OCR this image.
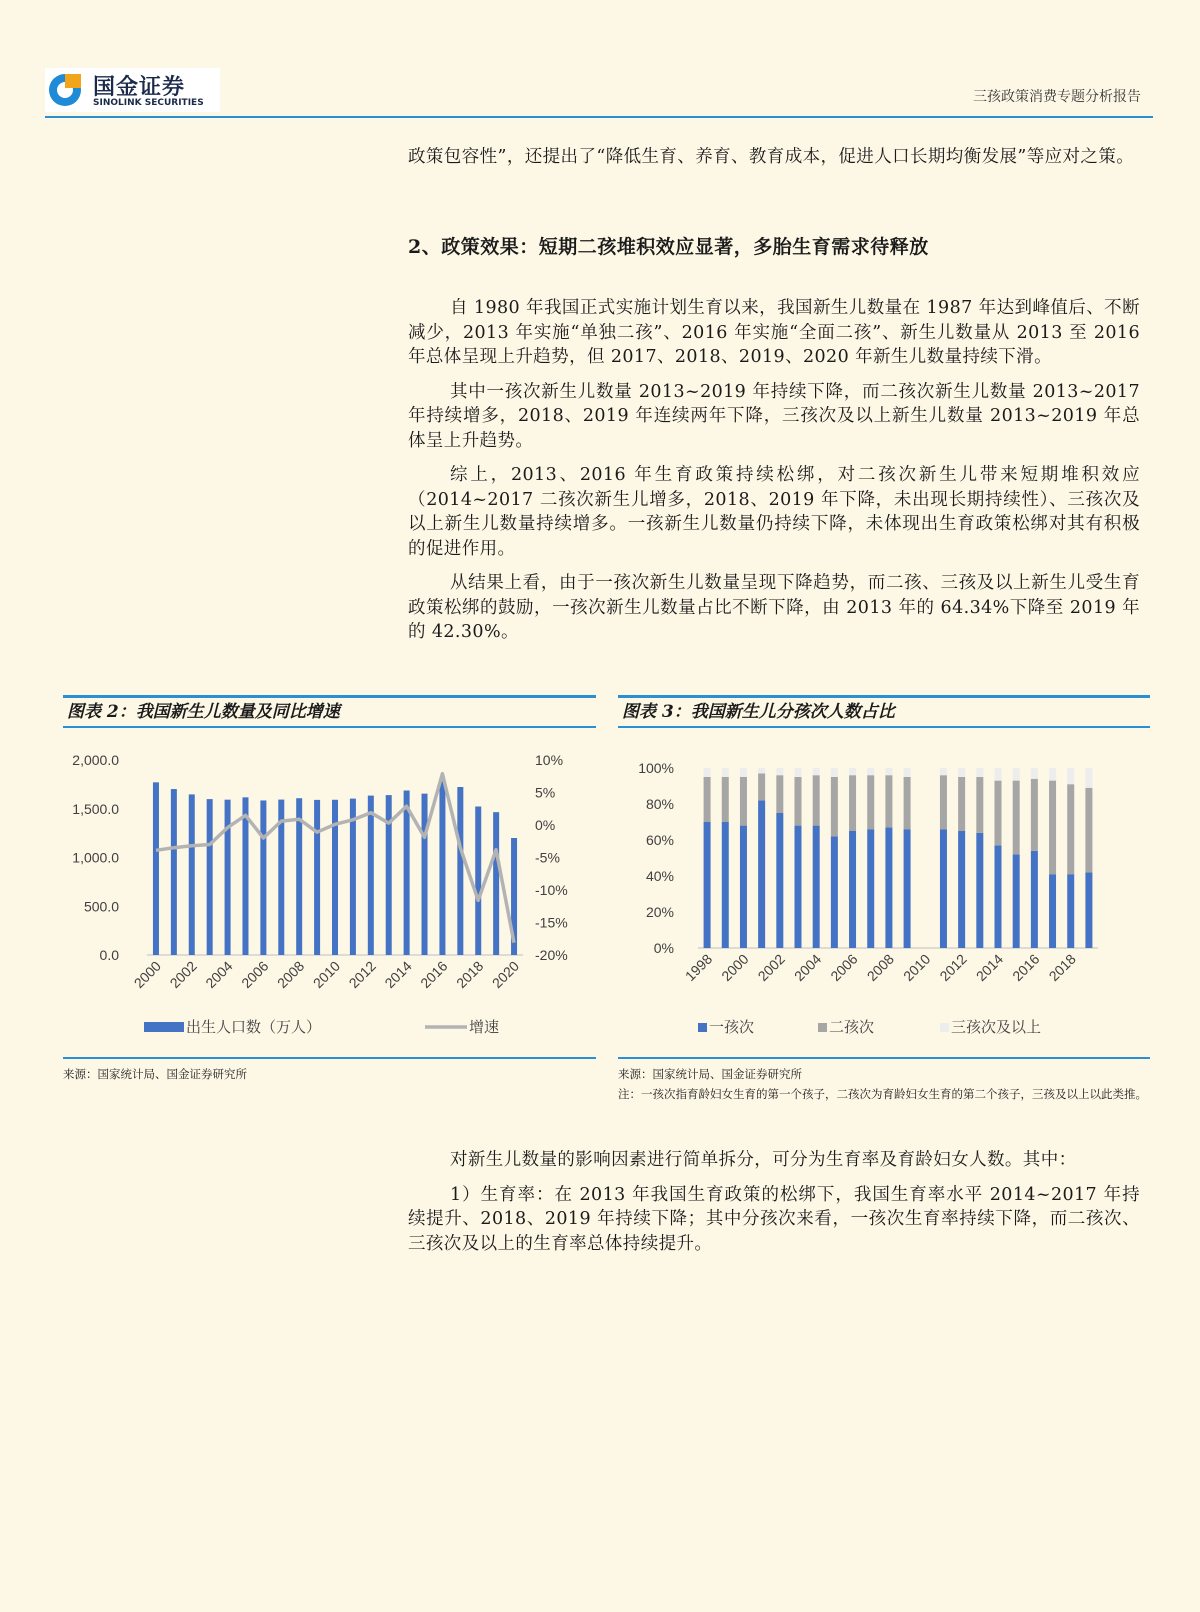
国金证券
SINOLINK SECURITIES	三孩政策消费专题分析报告

政策包容性”，还提出了“降低生育、养育、教育成本，促进人口长期均衡发展”等应对之策。

2、政策效果：短期二孩堆积效应显著，多胎生育需求待释放

自 1980 年我国正式实施计划生育以来，我国新生儿数量在 1987 年达到峰值后、不断减少，2013 年实施“单独二孩”、2016 年实施“全面二孩”、新生儿数量从 2013 至 2016 年总体呈现上升趋势，但 2017、2018、2019、2020 年新生儿数量持续下滑。

其中一孩次新生儿数量 2013~2019 年持续下降，而二孩次新生儿数量 2013~2017 年持续增多，2018、2019 年连续两年下降，三孩次及以上新生儿数量 2013~2019 年总体呈上升趋势。

综上，2013、2016 年生育政策持续松绑，对二孩次新生儿带来短期堆积效应（2014~2017 二孩次新生儿增多，2018、2019 年下降，未出现长期持续性）、三孩次及以上新生儿数量持续增多。一孩新生儿数量仍持续下降，未体现出生育政策松绑对其有积极的促进作用。

从结果上看，由于一孩次新生儿数量呈现下降趋势，而二孩、三孩及以上新生儿受生育政策松绑的鼓励，一孩次新生儿数量占比不断下降，由 2013 年的 64.34%下降至 2019 年的 42.30%。

图表 2：我国新生儿数量及同比增速
0.0
500.0
1,000.0
1,500.0
2,000.0
-20%
-15%
-10%
-5%
0%
5%
10%
2000 2002 2004 2006 2008 2010 2012 2014 2016 2018 2020
出生人口数（万人）	增速
来源：国家统计局、国金证券研究所
图表 3：我国新生儿分孩次人数占比
0%
20%
40%
60%
80%
100%
1998 2000 2002 2004 2006 2008 2010 2012 2014 2016 2018
一孩次	二孩次	三孩次及以上
来源：国家统计局、国金证券研究所
注：一孩次指育龄妇女生育的第一个孩子，二孩次为育龄妇女生育的第二个孩子，三孩及以上以此类推。

对新生儿数量的影响因素进行简单拆分，可分为生育率及育龄妇女人数。其中：

1）生育率：在 2013 年我国生育政策的松绑下，我国生育率水平 2014~2017 年持续提升、2018、2019 年持续下降；其中分孩次来看，一孩次生育率持续下降，而二孩次、三孩次及以上的生育率总体持续提升。
